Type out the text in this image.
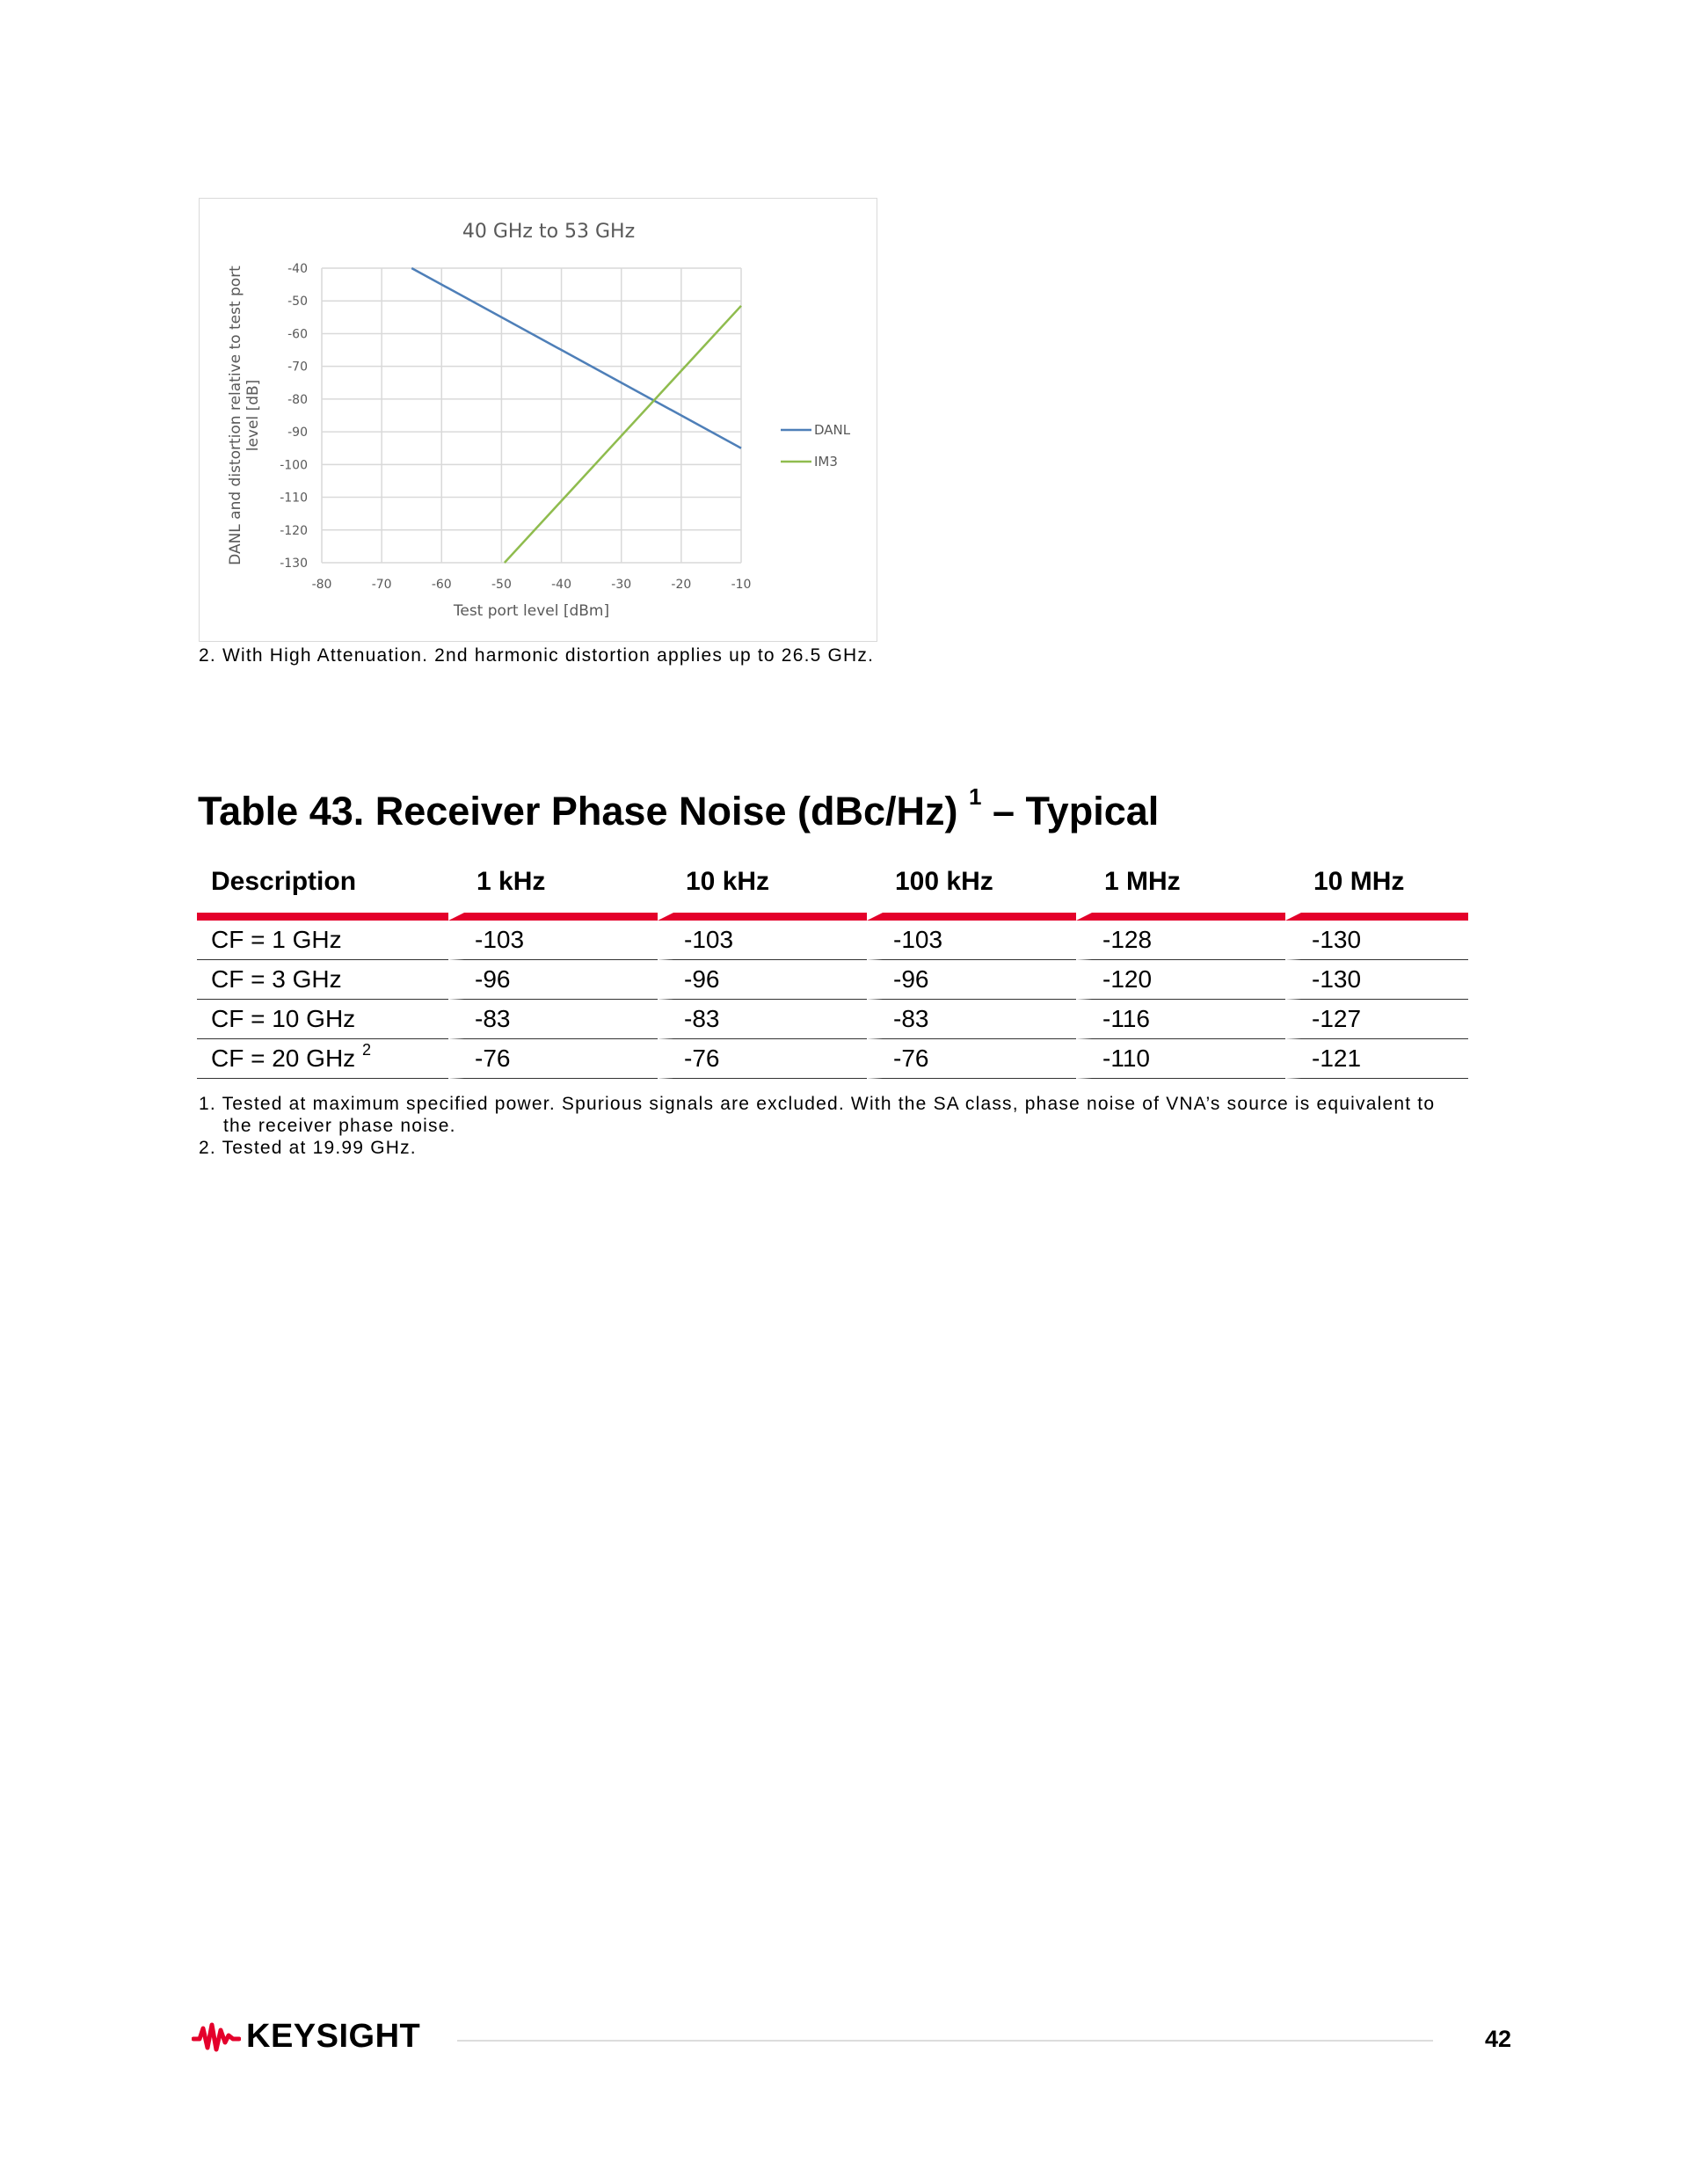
-40
-50
-60
-70
-80
-90
-100
-110
-120
-130
-80	-70	-60	-50	-40	-30	-20	-10
40 GHz to 53 GHz
Test port level [dBm]
DANL and distortion relative to test port level [dB]	DANL
IM3
2. With High Attenuation. 2nd harmonic distortion applies up to 26.5 GHz.
Table 43. Receiver Phase Noise (dBc/Hz) $^1$ – Typical
Description	1 kHz	10 kHz	100 kHz	1 MHz	10 MHz
CF = 1 GHz	-103	-103	-103	-128	-130
CF = 3 GHz	-96	-96	-96	-120	-130
CF = 10 GHz	-83	-83	-83	-116	-127
CF = 20 GHz $^2$	-76	-76	-76	-110	-121
1. Tested at maximum specified power. Spurious signals are excluded. With the SA class, phase noise of VNA’s source is equivalent to the receiver phase noise.
2. Tested at 19.99 GHz.
KEYSIGHT	42
